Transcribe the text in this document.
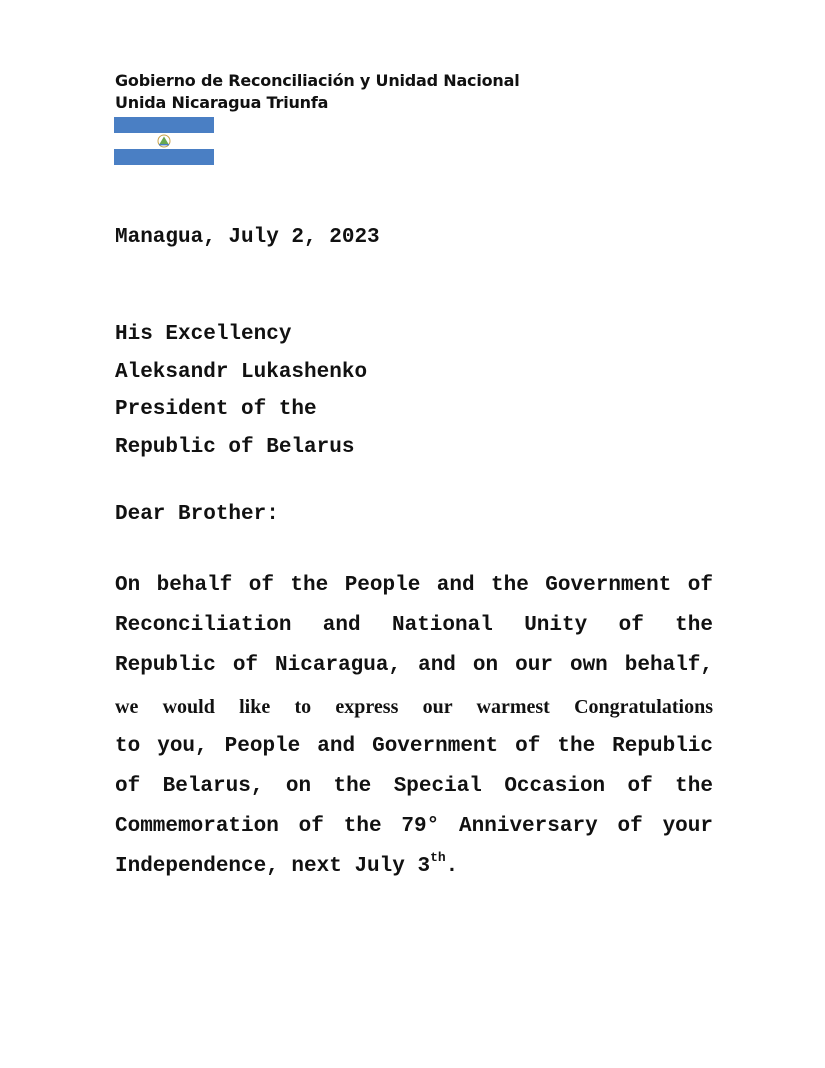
Gobierno de Reconciliación y Unidad Nacional
Unida Nicaragua Triunfa
Managua, July 2, 2023
His Excellency
Aleksandr Lukashenko
President of the
Republic of Belarus
Dear Brother:
On behalf of the People and the Government of
Reconciliation and National Unity of the
Republic of Nicaragua, and on our own behalf,
we would like to express our warmest Congratulations
to you, People and Government of the Republic
of Belarus, on the Special Occasion of the
Commemoration of the 79° Anniversary of your
Independence, next July 3th.
